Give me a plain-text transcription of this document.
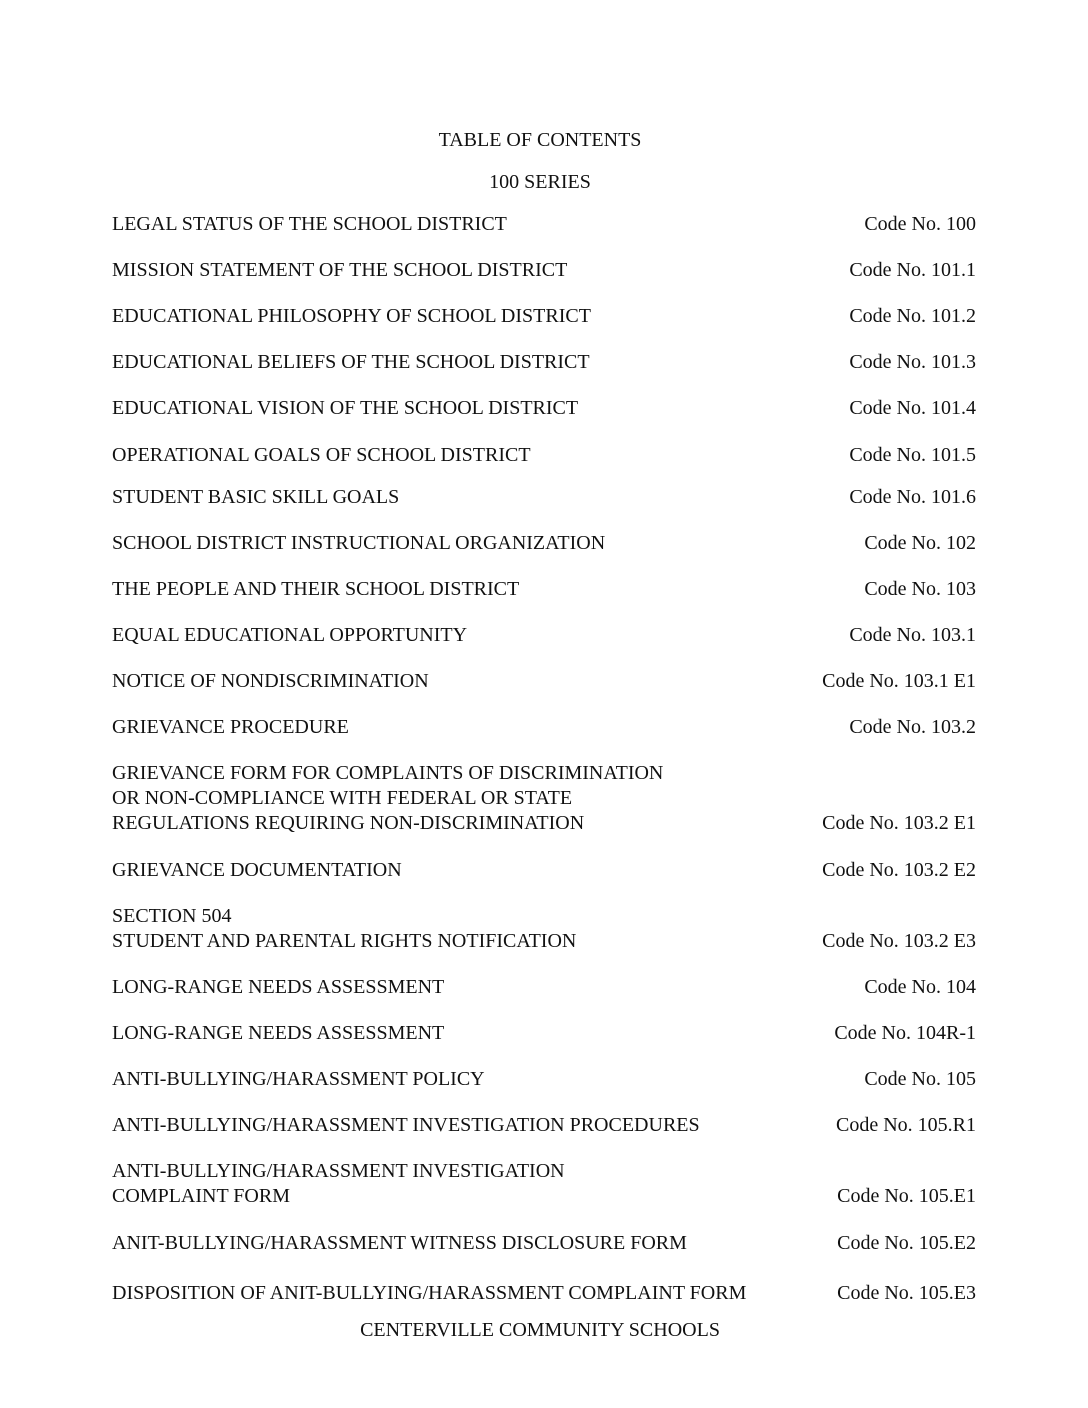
TABLE OF CONTENTS
100 SERIES
LEGAL STATUS OF THE SCHOOL DISTRICT	Code No. 100
MISSION STATEMENT OF THE SCHOOL DISTRICT	Code No. 101.1
EDUCATIONAL PHILOSOPHY OF SCHOOL DISTRICT	Code No. 101.2
EDUCATIONAL BELIEFS OF THE SCHOOL DISTRICT	Code No. 101.3
EDUCATIONAL VISION OF THE SCHOOL DISTRICT	Code No. 101.4
OPERATIONAL GOALS OF SCHOOL DISTRICT	Code No. 101.5
STUDENT BASIC SKILL GOALS	Code No. 101.6
SCHOOL DISTRICT INSTRUCTIONAL ORGANIZATION	Code No. 102
THE PEOPLE AND THEIR SCHOOL DISTRICT	Code No. 103
EQUAL EDUCATIONAL OPPORTUNITY	Code No. 103.1
NOTICE OF NONDISCRIMINATION	Code No. 103.1 E1
GRIEVANCE PROCEDURE	Code No. 103.2
GRIEVANCE FORM FOR COMPLAINTS OF DISCRIMINATION
OR NON-COMPLIANCE WITH FEDERAL OR STATE
REGULATIONS REQUIRING NON-DISCRIMINATION	Code No. 103.2 E1
GRIEVANCE DOCUMENTATION	Code No. 103.2 E2
SECTION 504
STUDENT AND PARENTAL RIGHTS NOTIFICATION	Code No. 103.2 E3
LONG-RANGE NEEDS ASSESSMENT	Code No. 104
LONG-RANGE NEEDS ASSESSMENT	Code No. 104R-1
ANTI-BULLYING/HARASSMENT POLICY	Code No. 105
ANTI-BULLYING/HARASSMENT INVESTIGATION PROCEDURES	Code No. 105.R1
ANTI-BULLYING/HARASSMENT INVESTIGATION
COMPLAINT FORM	Code No. 105.E1
ANIT-BULLYING/HARASSMENT WITNESS DISCLOSURE FORM	Code No. 105.E2
DISPOSITION OF ANIT-BULLYING/HARASSMENT COMPLAINT FORM	Code No. 105.E3
CENTERVILLE COMMUNITY SCHOOLS
